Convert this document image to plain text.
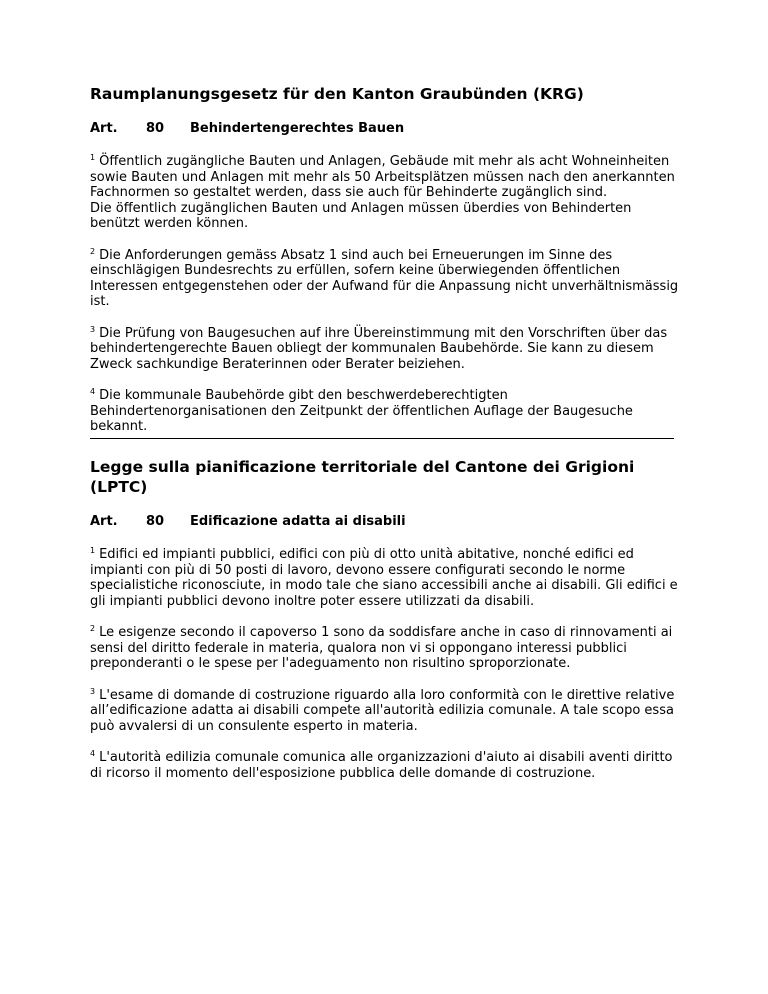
Raumplanungsgesetz für den Kanton Graubünden (KRG)
Art.	80	Behindertengerechtes Bauen
$^1$ Öffentlich zugängliche Bauten und Anlagen, Gebäude mit mehr als acht Wohneinheiten
sowie Bauten und Anlagen mit mehr als 50 Arbeitsplätzen müssen nach den anerkannten
Fachnormen so gestaltet werden, dass sie auch für Behinderte zugänglich sind.
Die öffentlich zugänglichen Bauten und Anlagen müssen überdies von Behinderten
benützt werden können.
$^2$ Die Anforderungen gemäss Absatz 1 sind auch bei Erneuerungen im Sinne des
einschlägigen Bundesrechts zu erfüllen, sofern keine überwiegenden öffentlichen
Interessen entgegenstehen oder der Aufwand für die Anpassung nicht unverhältnismässig
ist.
$^3$ Die Prüfung von Baugesuchen auf ihre Übereinstimmung mit den Vorschriften über das
behindertengerechte Bauen obliegt der kommunalen Baubehörde. Sie kann zu diesem
Zweck sachkundige Beraterinnen oder Berater beiziehen.
$^4$ Die kommunale Baubehörde gibt den beschwerdeberechtigten
Behindertenorganisationen den Zeitpunkt der öffentlichen Auflage der Baugesuche
bekannt.
Legge sulla pianificazione territoriale del Cantone dei Grigioni (LPTC)
Art.	80	Edificazione adatta ai disabili
$^1$ Edifici ed impianti pubblici, edifici con più di otto unità abitative, nonché edifici ed
impianti con più di 50 posti di lavoro, devono essere configurati secondo le norme
specialistiche riconosciute, in modo tale che siano accessibili anche ai disabili. Gli edifici e
gli impianti pubblici devono inoltre poter essere utilizzati da disabili.
$^2$ Le esigenze secondo il capoverso 1 sono da soddisfare anche in caso di rinnovamenti ai
sensi del diritto federale in materia, qualora non vi si oppongano interessi pubblici
preponderanti o le spese per l'adeguamento non risultino sproporzionate.
$^3$ L'esame di domande di costruzione riguardo alla loro conformità con le direttive relative
all’edificazione adatta ai disabili compete all'autorità edilizia comunale. A tale scopo essa
può avvalersi di un consulente esperto in materia.
$^4$ L'autorità edilizia comunale comunica alle organizzazioni d'aiuto ai disabili aventi diritto
di ricorso il momento dell'esposizione pubblica delle domande di costruzione.
